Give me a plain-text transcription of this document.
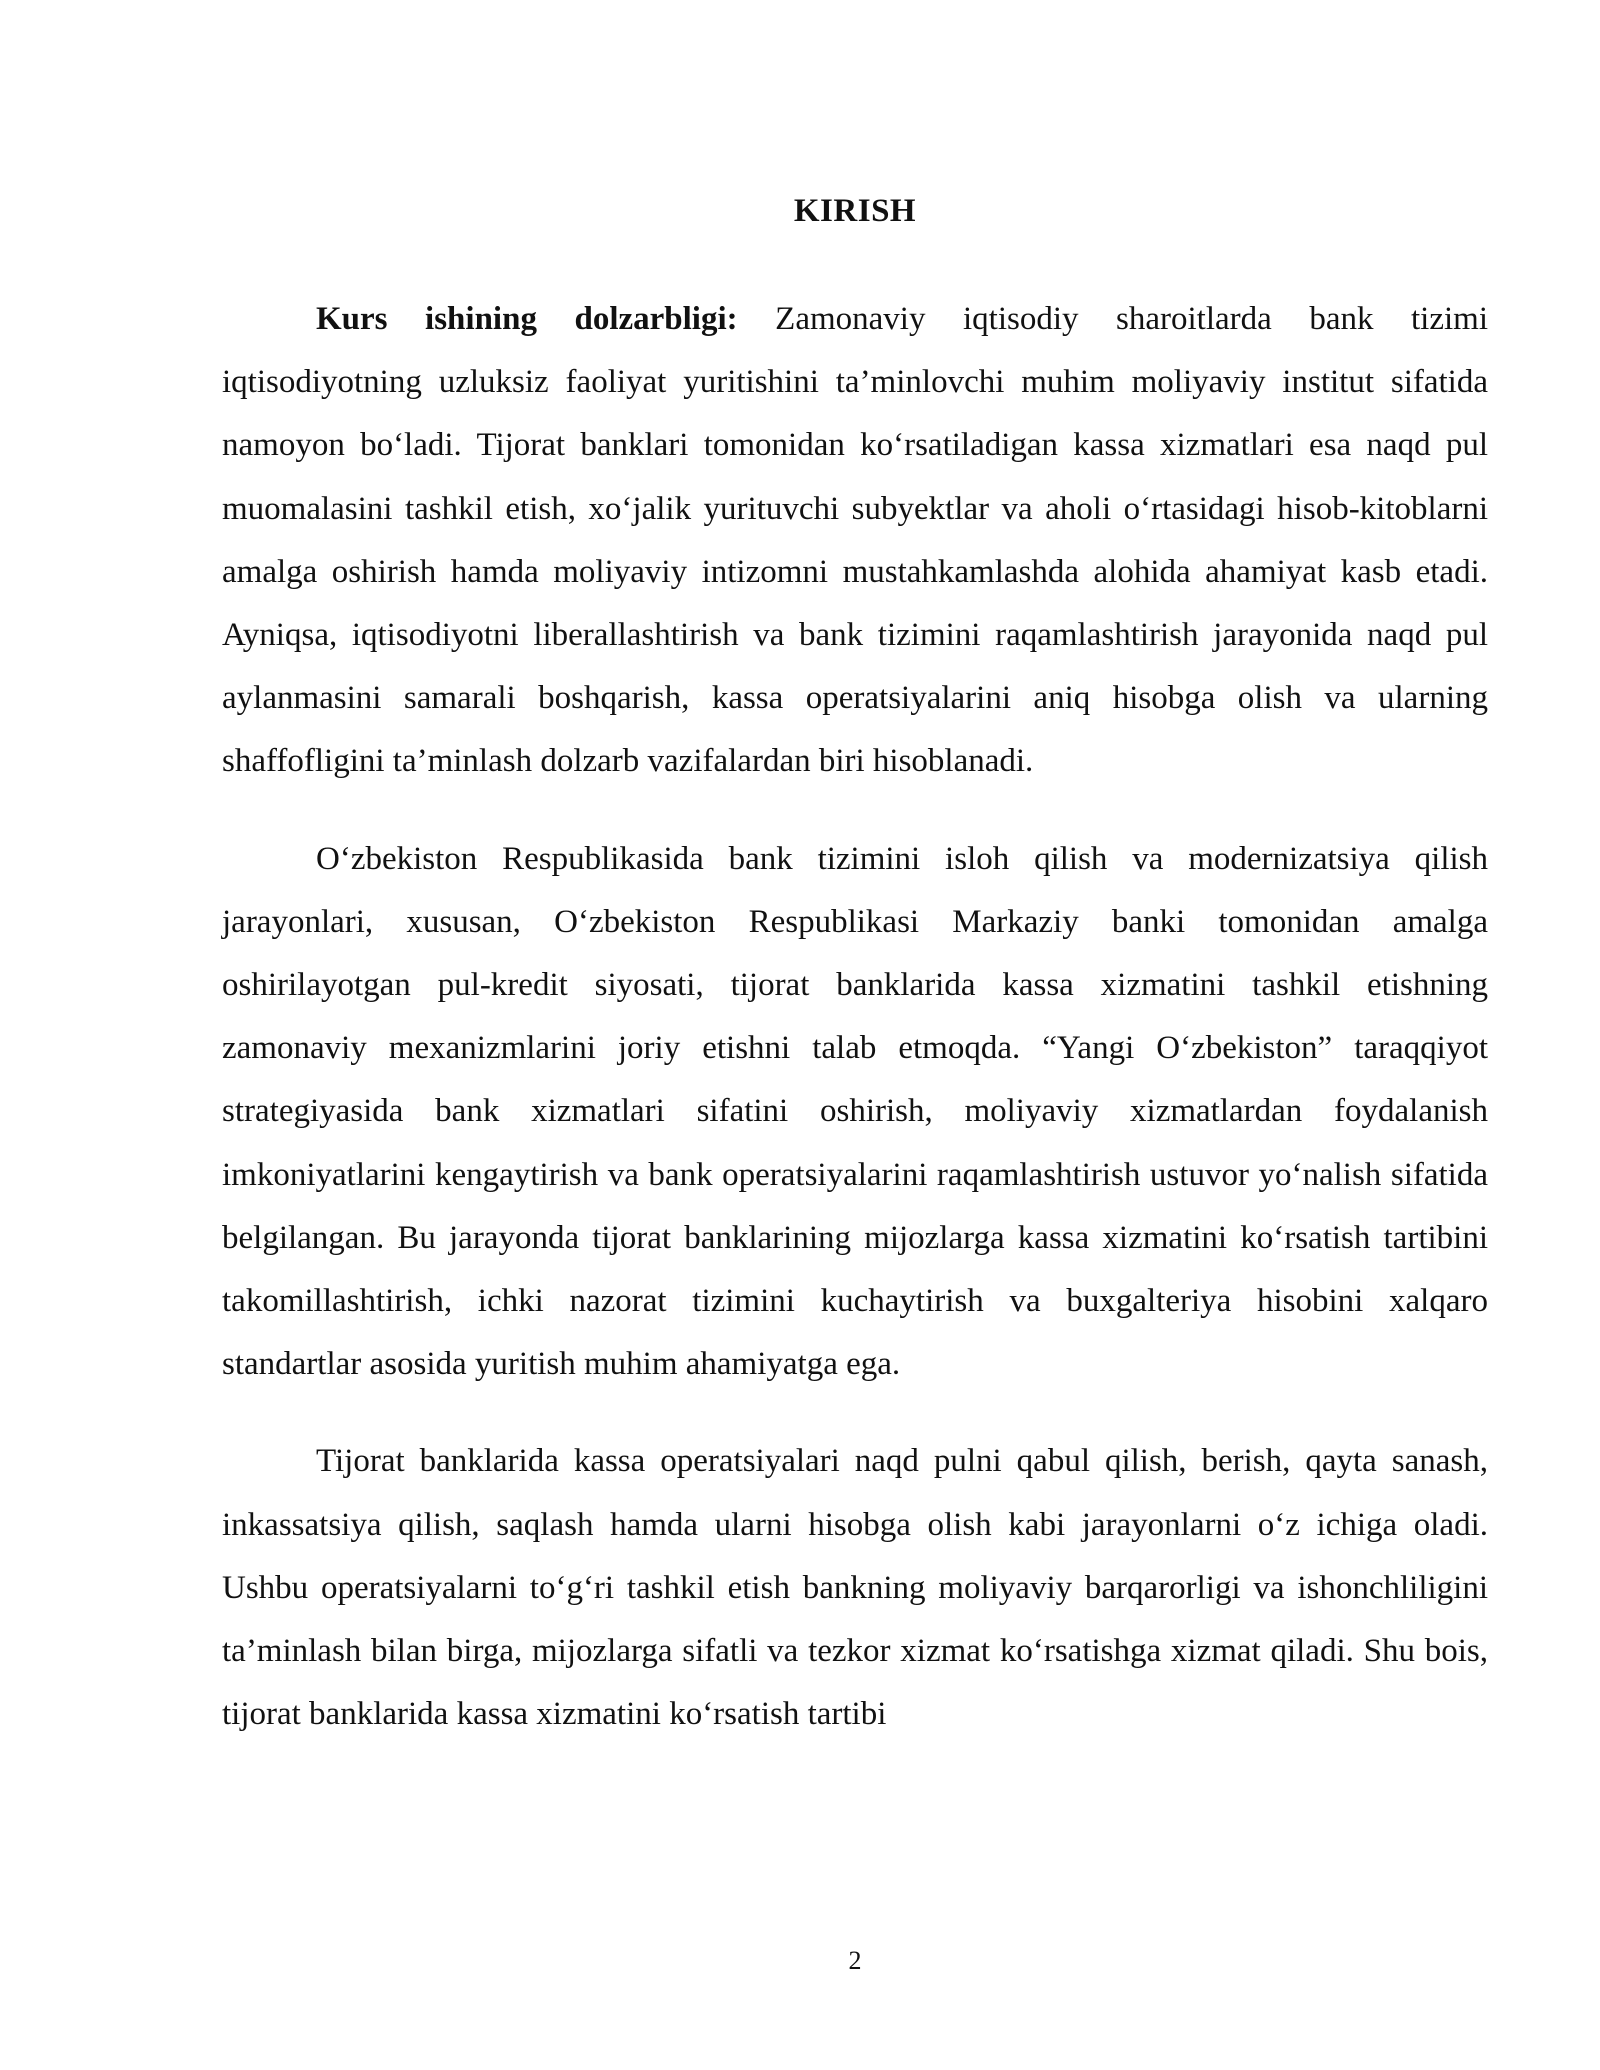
KIRISH

Kurs ishining dolzarbligi: Zamonaviy iqtisodiy sharoitlarda bank tizimi iqtisodiyotning uzluksiz faoliyat yuritishini ta’minlovchi muhim moliyaviy institut sifatida namoyon bo‘ladi. Tijorat banklari tomonidan ko‘rsatiladigan kassa xizmatlari esa naqd pul muomalasini tashkil etish, xo‘jalik yurituvchi subyektlar va aholi o‘rtasidagi hisob-kitoblarni amalga oshirish hamda moliyaviy intizomni mustahkamlashda alohida ahamiyat kasb etadi. Ayniqsa, iqtisodiyotni liberallashtirish va bank tizimini raqamlashtirish jarayonida naqd pul aylanmasini samarali boshqarish, kassa operatsiyalarini aniq hisobga olish va ularning shaffofligini ta’minlash dolzarb vazifalardan biri hisoblanadi.

O‘zbekiston Respublikasida bank tizimini isloh qilish va modernizatsiya qilish jarayonlari, xususan, O‘zbekiston Respublikasi Markaziy banki tomonidan amalga oshirilayotgan pul-kredit siyosati, tijorat banklarida kassa xizmatini tashkil etishning zamonaviy mexanizmlarini joriy etishni talab etmoqda. “Yangi O‘zbekiston” taraqqiyot strategiyasida bank xizmatlari sifatini oshirish, moliyaviy xizmatlardan foydalanish imkoniyatlarini kengaytirish va bank operatsiyalarini raqamlashtirish ustuvor yo‘nalish sifatida belgilangan. Bu jarayonda tijorat banklarining mijozlarga kassa xizmatini ko‘rsatish tartibini takomillashtirish, ichki nazorat tizimini kuchaytirish va buxgalteriya hisobini xalqaro standartlar asosida yuritish muhim ahamiyatga ega.

Tijorat banklarida kassa operatsiyalari naqd pulni qabul qilish, berish, qayta sanash, inkassatsiya qilish, saqlash hamda ularni hisobga olish kabi jarayonlarni o‘z ichiga oladi. Ushbu operatsiyalarni to‘g‘ri tashkil etish bankning moliyaviy barqarorligi va ishonchliligini ta’minlash bilan birga, mijozlarga sifatli va tezkor xizmat ko‘rsatishga xizmat qiladi. Shu bois, tijorat banklarida kassa xizmatini ko‘rsatish tartibi

2
